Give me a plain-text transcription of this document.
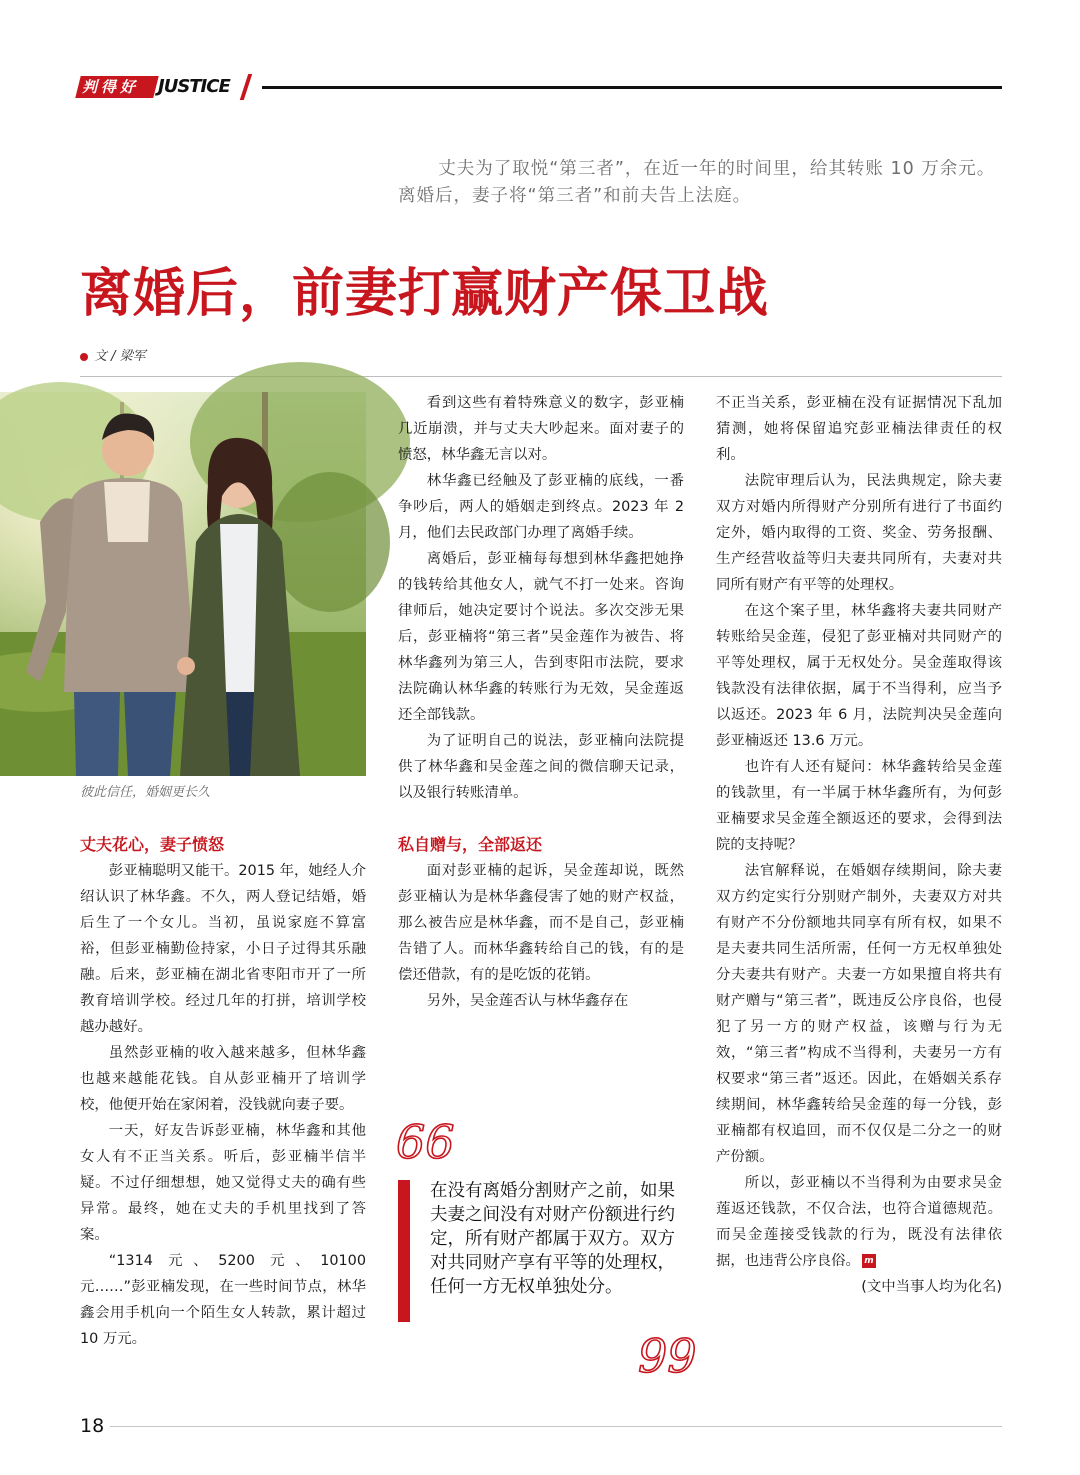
判得好 JUSTICE

丈夫为了取悦“第三者”，在近一年的时间里，给其转账 10 万余元。离婚后，妻子将“第三者”和前夫告上法庭。

离婚后，前妻打赢财产保卫战
文 / 梁军
彼此信任，婚姻更长久

丈夫花心，妻子愤怒

彭亚楠聪明又能干。2015 年，她经人介绍认识了林华鑫。不久，两人登记结婚，婚后生了一个女儿。当初，虽说家庭不算富裕，但彭亚楠勤俭持家，小日子过得其乐融融。后来，彭亚楠在湖北省枣阳市开了一所教育培训学校。经过几年的打拼，培训学校越办越好。

虽然彭亚楠的收入越来越多，但林华鑫也越来越能花钱。自从彭亚楠开了培训学校，他便开始在家闲着，没钱就向妻子要。

一天，好友告诉彭亚楠，林华鑫和其他女人有不正当关系。听后，彭亚楠半信半疑。不过仔细想想，她又觉得丈夫的确有些异常。最终，她在丈夫的手机里找到了答案。

“1314 元、5200 元、10100 元……”彭亚楠发现，在一些时间节点，林华鑫会用手机向一个陌生女人转款，累计超过 10 万元。

看到这些有着特殊意义的数字，彭亚楠几近崩溃，并与丈夫大吵起来。面对妻子的愤怒，林华鑫无言以对。

林华鑫已经触及了彭亚楠的底线，一番争吵后，两人的婚姻走到终点。2023 年 2 月，他们去民政部门办理了离婚手续。

离婚后，彭亚楠每每想到林华鑫把她挣的钱转给其他女人，就气不打一处来。咨询律师后，她决定要讨个说法。多次交涉无果后，彭亚楠将“第三者”吴金莲作为被告、将林华鑫列为第三人，告到枣阳市法院，要求法院确认林华鑫的转账行为无效，吴金莲返还全部钱款。

为了证明自己的说法，彭亚楠向法院提供了林华鑫和吴金莲之间的微信聊天记录，以及银行转账清单。

私自赠与，全部返还

面对彭亚楠的起诉，吴金莲却说，既然彭亚楠认为是林华鑫侵害了她的财产权益，那么被告应是林华鑫，而不是自己，彭亚楠告错了人。而林华鑫转给自己的钱，有的是偿还借款，有的是吃饭的花销。

另外，吴金莲否认与林华鑫存在

66
在没有离婚分割财产之前，如果夫妻之间没有对财产份额进行约定，所有财产都属于双方。双方对共同财产享有平等的处理权，任何一方无权单独处分。
99

不正当关系，彭亚楠在没有证据情况下乱加猜测，她将保留追究彭亚楠法律责任的权利。

法院审理后认为，民法典规定，除夫妻双方对婚内所得财产分别所有进行了书面约定外，婚内取得的工资、奖金、劳务报酬、生产经营收益等归夫妻共同所有，夫妻对共同所有财产有平等的处理权。

在这个案子里，林华鑫将夫妻共同财产转账给吴金莲，侵犯了彭亚楠对共同财产的平等处理权，属于无权处分。吴金莲取得该钱款没有法律依据，属于不当得利，应当予以返还。2023 年 6 月，法院判决吴金莲向彭亚楠返还 13.6 万元。

也许有人还有疑问：林华鑫转给吴金莲的钱款里，有一半属于林华鑫所有，为何彭亚楠要求吴金莲全额返还的要求，会得到法院的支持呢？

法官解释说，在婚姻存续期间，除夫妻双方约定实行分别财产制外，夫妻双方对共有财产不分份额地共同享有所有权，如果不是夫妻共同生活所需，任何一方无权单独处分夫妻共有财产。夫妻一方如果擅自将共有财产赠与“第三者”，既违反公序良俗，也侵犯了另一方的财产权益，该赠与行为无效，“第三者”构成不当得利，夫妻另一方有权要求“第三者”返还。因此，在婚姻关系存续期间，林华鑫转给吴金莲的每一分钱，彭亚楠都有权追回，而不仅仅是二分之一的财产份额。

所以，彭亚楠以不当得利为由要求吴金莲返还钱款，不仅合法，也符合道德规范。而吴金莲接受钱款的行为，既没有法律依据，也违背公序良俗。 m

(文中当事人均为化名)

18
